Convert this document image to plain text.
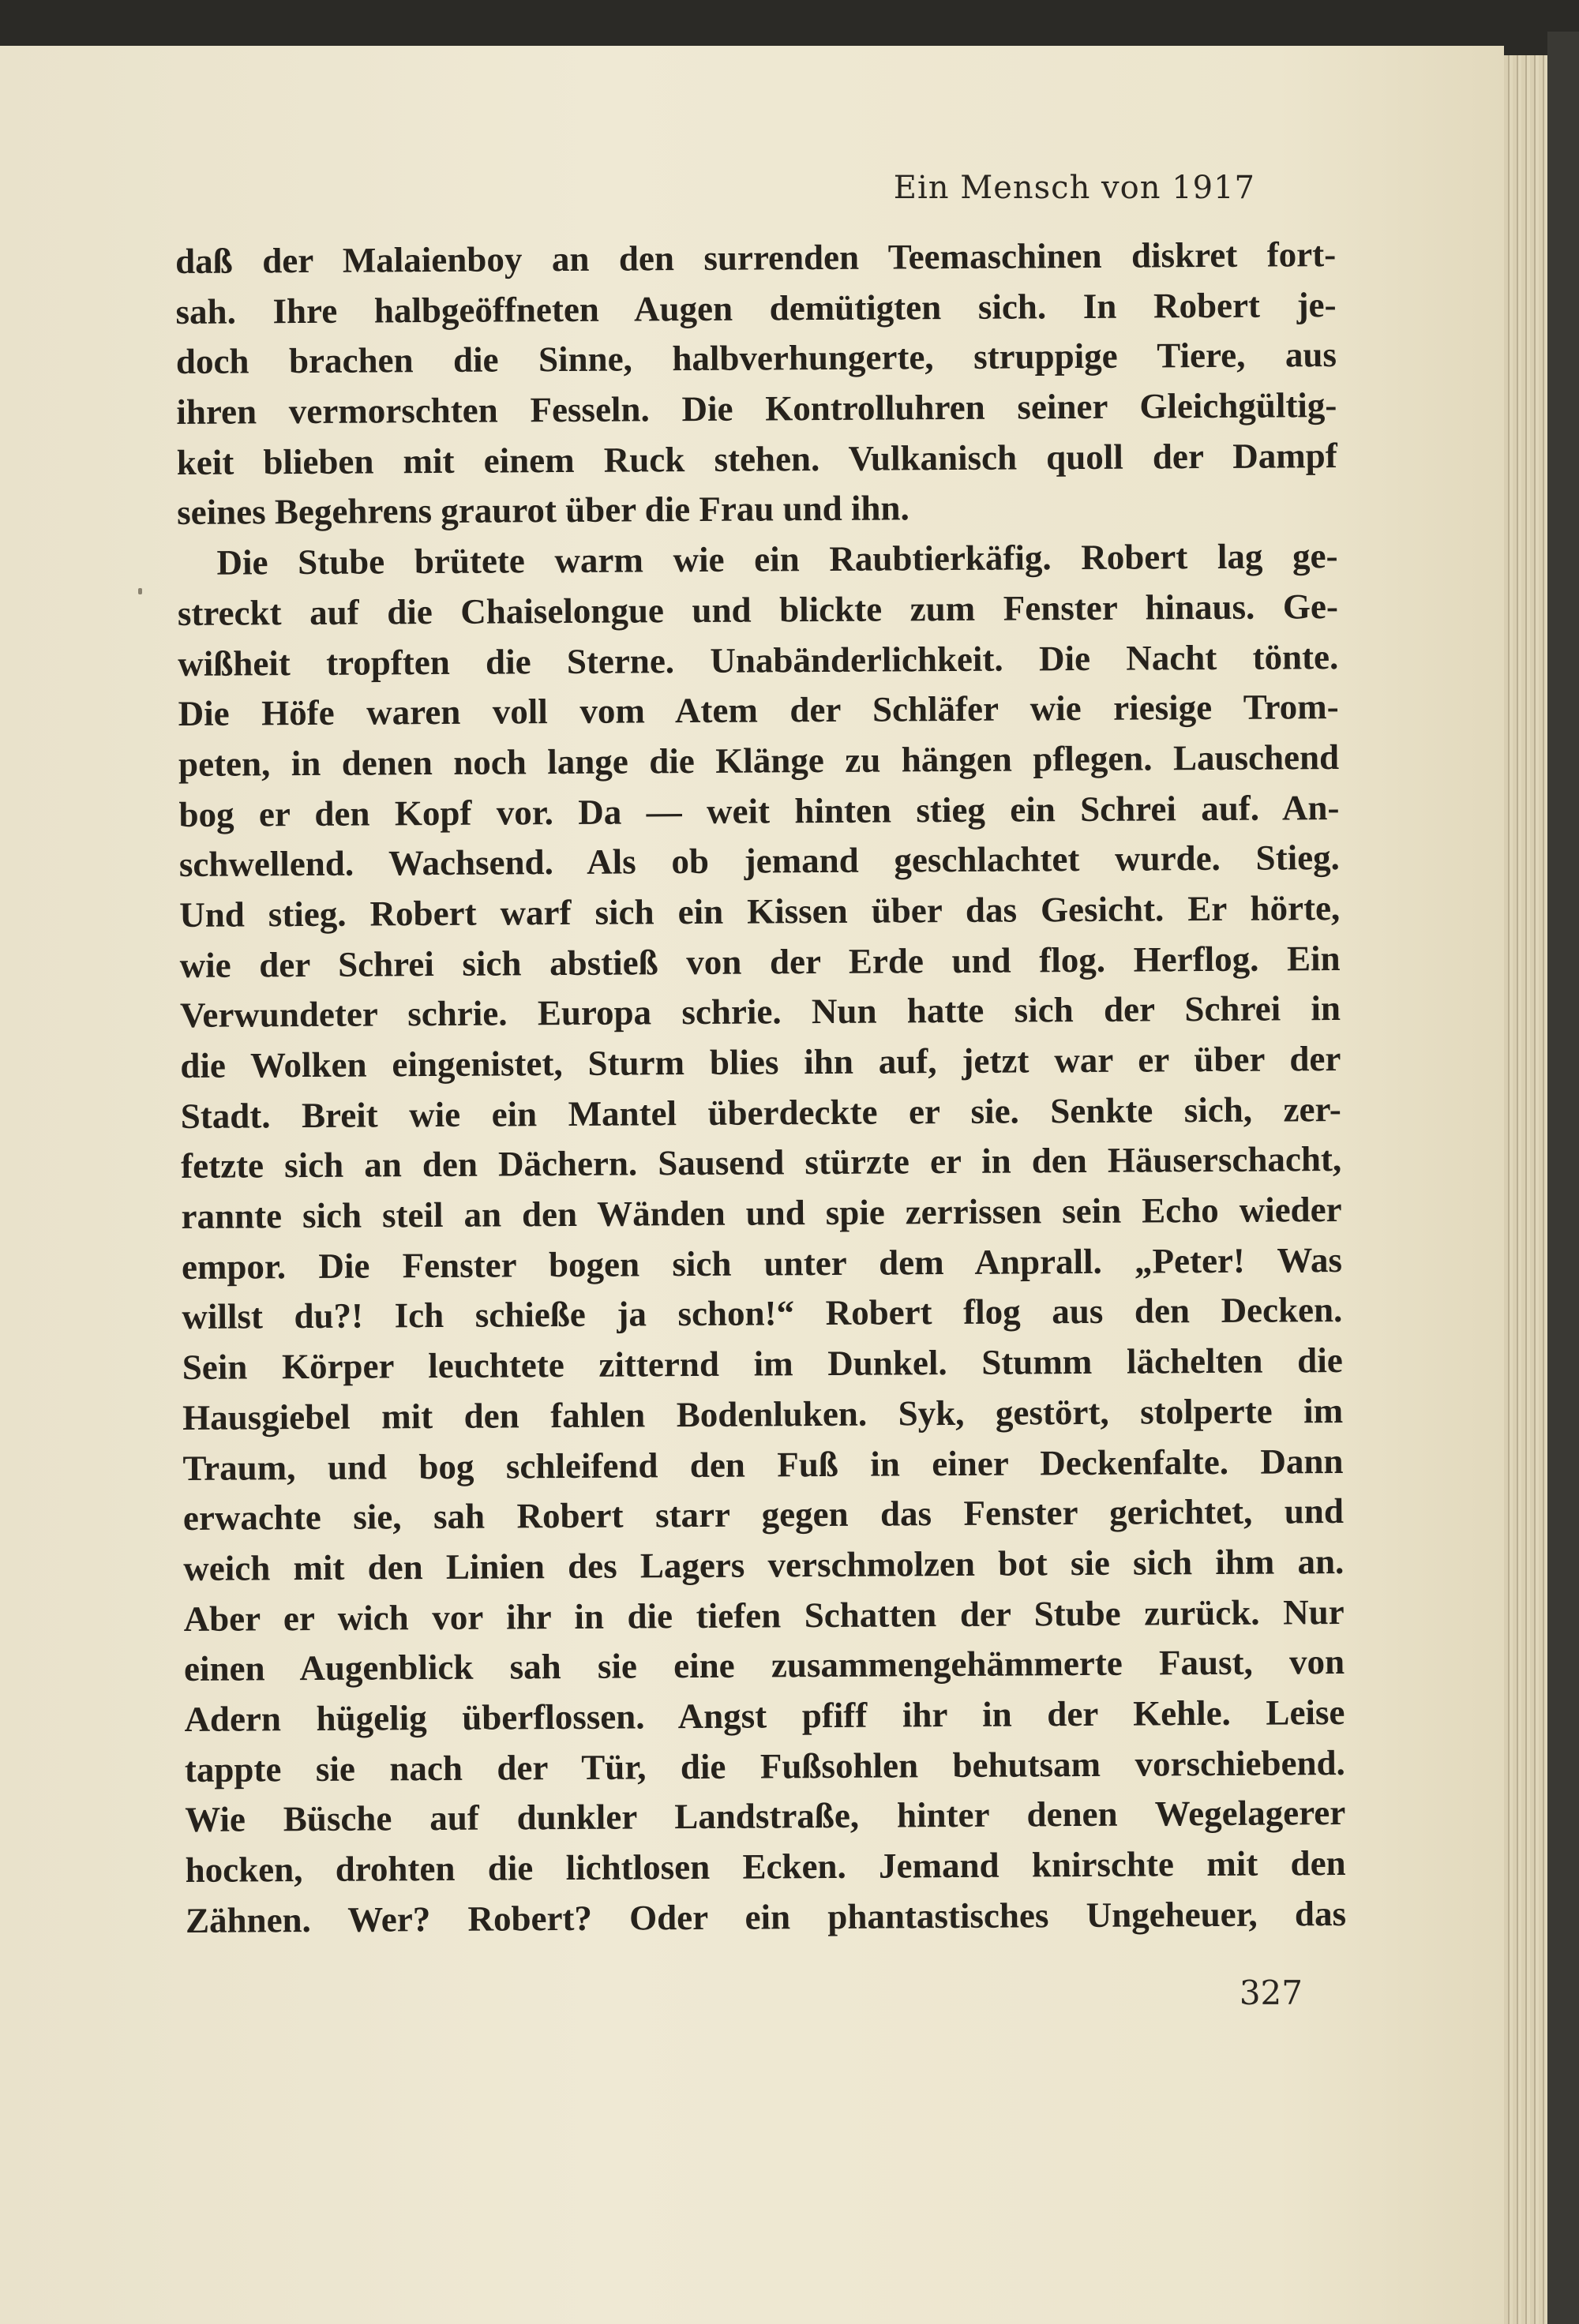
Ein Mensch von 1917
daß der Malaienboy an den surrenden Teemaschinen diskret fort-
sah. Ihre halbgeöffneten Augen demütigten sich. In Robert je-
doch brachen die Sinne, halbverhungerte, struppige Tiere, aus
ihren vermorschten Fesseln. Die Kontrolluhren seiner Gleichgültig-
keit blieben mit einem Ruck stehen. Vulkanisch quoll der Dampf
seines Begehrens graurot über die Frau und ihn.
Die Stube brütete warm wie ein Raubtierkäfig. Robert lag ge-
streckt auf die Chaiselongue und blickte zum Fenster hinaus. Ge-
wißheit tropften die Sterne. Unabänderlichkeit. Die Nacht tönte.
Die Höfe waren voll vom Atem der Schläfer wie riesige Trom-
peten, in denen noch lange die Klänge zu hängen pflegen. Lauschend
bog er den Kopf vor. Da — weit hinten stieg ein Schrei auf. An-
schwellend. Wachsend. Als ob jemand geschlachtet wurde. Stieg.
Und stieg. Robert warf sich ein Kissen über das Gesicht. Er hörte,
wie der Schrei sich abstieß von der Erde und flog. Herflog. Ein
Verwundeter schrie. Europa schrie. Nun hatte sich der Schrei in
die Wolken eingenistet, Sturm blies ihn auf, jetzt war er über der
Stadt. Breit wie ein Mantel überdeckte er sie. Senkte sich, zer-
fetzte sich an den Dächern. Sausend stürzte er in den Häuserschacht,
rannte sich steil an den Wänden und spie zerrissen sein Echo wieder
empor. Die Fenster bogen sich unter dem Anprall. „Peter! Was
willst du?! Ich schieße ja schon!“ Robert flog aus den Decken.
Sein Körper leuchtete zitternd im Dunkel. Stumm lächelten die
Hausgiebel mit den fahlen Bodenluken. Syk, gestört, stolperte im
Traum, und bog schleifend den Fuß in einer Deckenfalte. Dann
erwachte sie, sah Robert starr gegen das Fenster gerichtet, und
weich mit den Linien des Lagers verschmolzen bot sie sich ihm an.
Aber er wich vor ihr in die tiefen Schatten der Stube zurück. Nur
einen Augenblick sah sie eine zusammengehämmerte Faust, von
Adern hügelig überflossen. Angst pfiff ihr in der Kehle. Leise
tappte sie nach der Tür, die Fußsohlen behutsam vorschiebend.
Wie Büsche auf dunkler Landstraße, hinter denen Wegelagerer
hocken, drohten die lichtlosen Ecken. Jemand knirschte mit den
Zähnen. Wer? Robert? Oder ein phantastisches Ungeheuer, das
327
